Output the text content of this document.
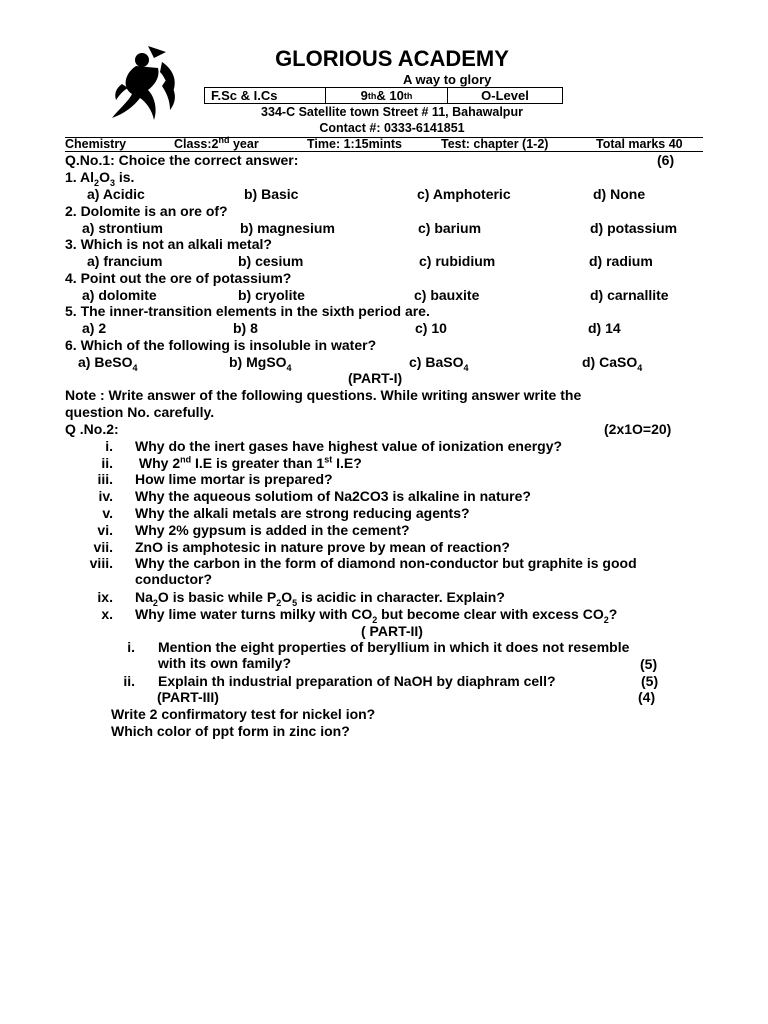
GLORIOUS ACADEMY
A way to glory
F.Sc & I.Cs	9 th & 10 th	O-Level
334-C Satellite town Street # 11, Bahawalpur
Contact #: 0333-6141851
Chemistry	Class:2nd year	Time: 1:15mints	Test: chapter (1-2)	Total marks 40
Q.No.1: Choice the correct answer:	(6)
1. $Al_2O_3$ is.
a) Acidic	b) Basic	c) Amphoteric	d) None
2. Dolomite is an ore of?
a) strontium	b) magnesium	c) barium	d) potassium
3. Which is not an alkali metal?
a) francium	b) cesium	c) rubidium	d) radium
4. Point out the ore of potassium?
a) dolomite	b) cryolite	c) bauxite	d) carnallite
5. The inner-transition elements in the sixth period are.
a) 2	b) 8	c) 10	d) 14
6. Which of the following is insoluble in water?
a) BeSO$_4$	b) MgSO$_4$	c) BaSO$_4$	d) CaSO$_4$
(PART-I)
Note : Write answer of the following questions. While writing answer write the
question No. carefully.
Q .No.2:	(2x1O=20)
i. Why do the inert gases have highest value of ionization energy?
ii. Why 2nd I.E is greater than 1st I.E?
iii. How lime mortar is prepared?
iv. Why the aqueous solutiom of Na2CO3 is alkaline in nature?
v. Why the alkali metals are strong reducing agents?
vi. Why 2% gypsum is added in the cement?
vii. ZnO is amphotesic in nature prove by mean of reaction?
viii. Why the carbon in the form of diamond non-conductor but graphite is good
conductor?
ix. $Na_2O$ is basic while $P_2O_5$ is acidic in character. Explain?
x. Why lime water turns milky with $CO_2$ but become clear with excess $CO_2$?
( PART-II)
i. Mention the eight properties of beryllium in which it does not resemble
with its own family?	(5)
ii. Explain th industrial preparation of NaOH by diaphram cell?	(5)
(PART-III)	(4)
Write 2 confirmatory test for nickel ion?
Which color of ppt form in zinc ion?
